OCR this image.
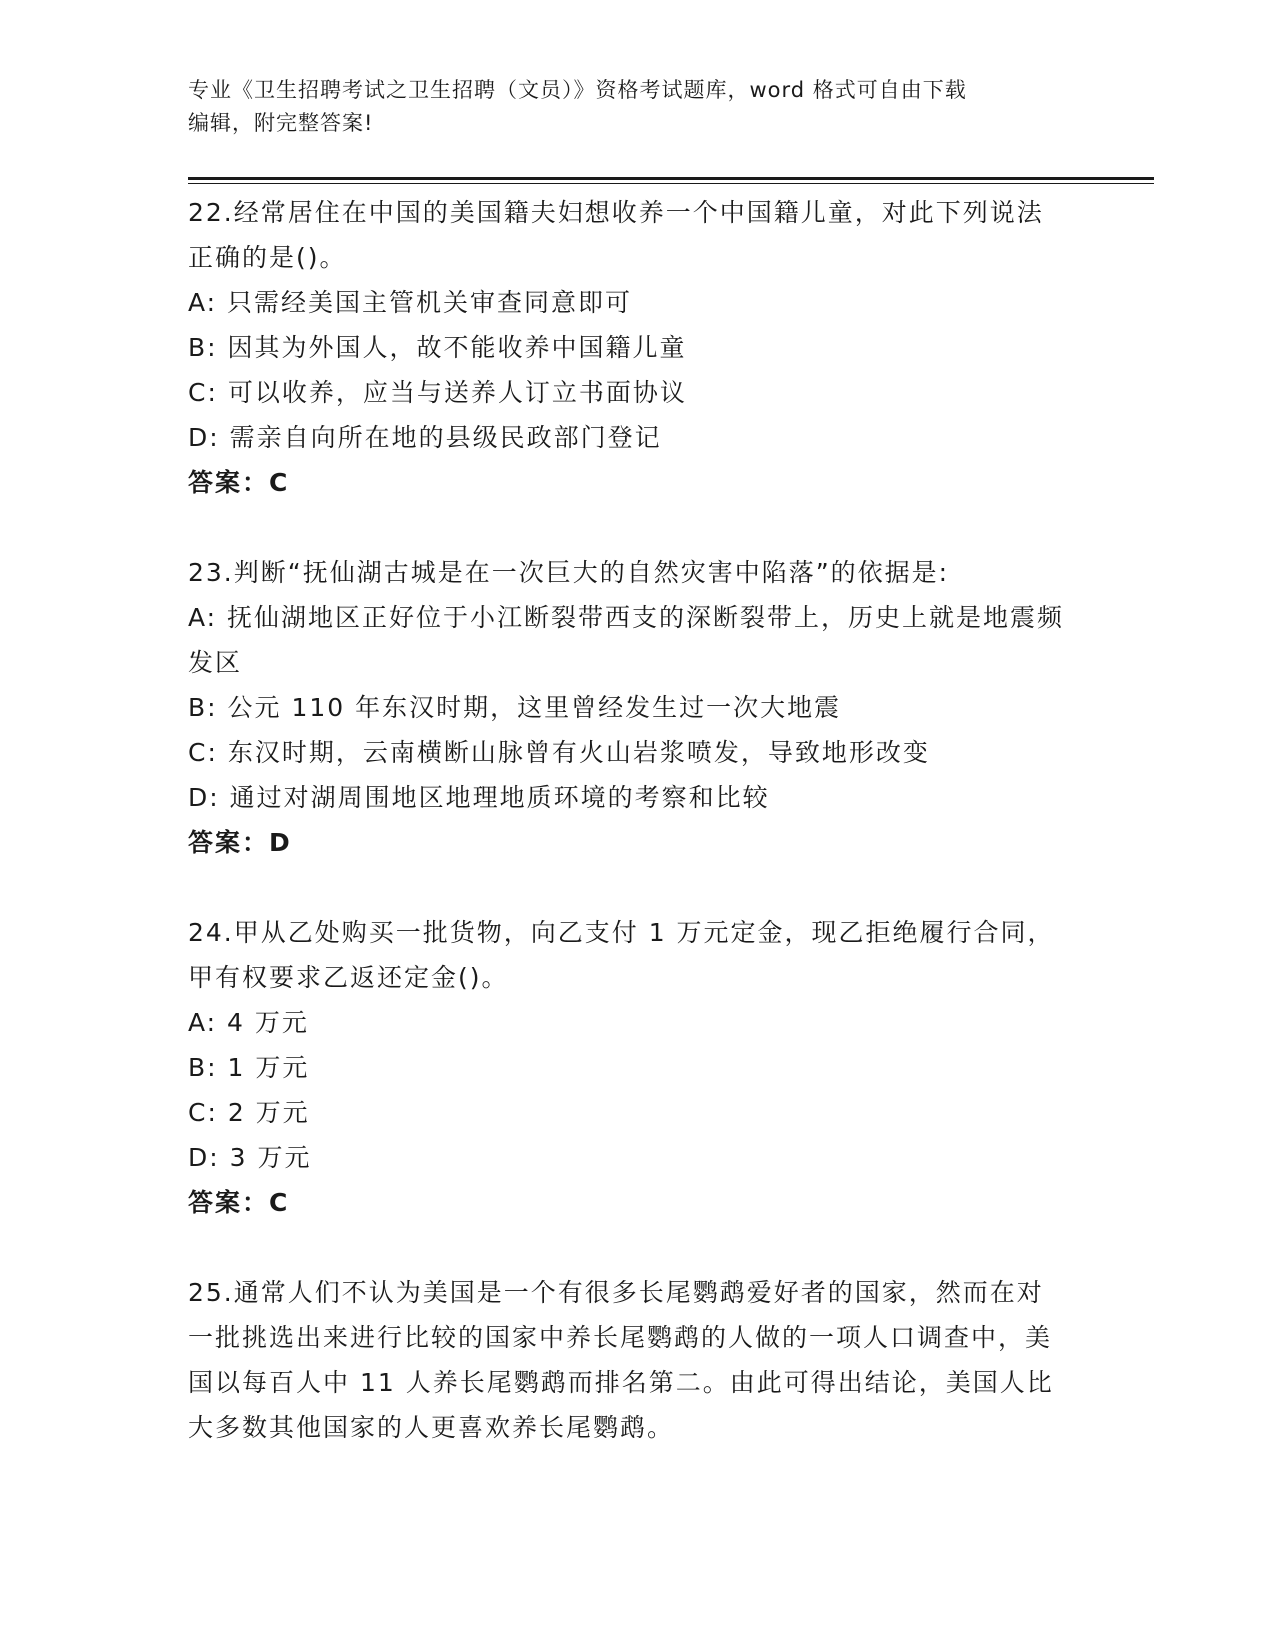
专业《卫生招聘考试之卫生招聘（文员）》资格考试题库，word 格式可自由下载
编辑，附完整答案!

22.经常居住在中国的美国籍夫妇想收养一个中国籍儿童，对此下列说法正确的是()。

A: 只需经美国主管机关审查同意即可

B: 因其为外国人，故不能收养中国籍儿童

C: 可以收养，应当与送养人订立书面协议

D: 需亲自向所在地的县级民政部门登记

答案：C

23.判断“抚仙湖古城是在一次巨大的自然灾害中陷落”的依据是:

A: 抚仙湖地区正好位于小江断裂带西支的深断裂带上，历史上就是地震频发区

B: 公元 110 年东汉时期，这里曾经发生过一次大地震

C: 东汉时期，云南横断山脉曾有火山岩浆喷发，导致地形改变

D: 通过对湖周围地区地理地质环境的考察和比较

答案：D

24.甲从乙处购买一批货物，向乙支付 1 万元定金，现乙拒绝履行合同，甲有权要求乙返还定金()。

A: 4 万元

B: 1 万元

C: 2 万元

D: 3 万元

答案：C

25.通常人们不认为美国是一个有很多长尾鹦鹉爱好者的国家，然而在对一批挑选出来进行比较的国家中养长尾鹦鹉的人做的一项人口调查中，美国以每百人中 11 人养长尾鹦鹉而排名第二。由此可得出结论，美国人比大多数其他国家的人更喜欢养长尾鹦鹉。
